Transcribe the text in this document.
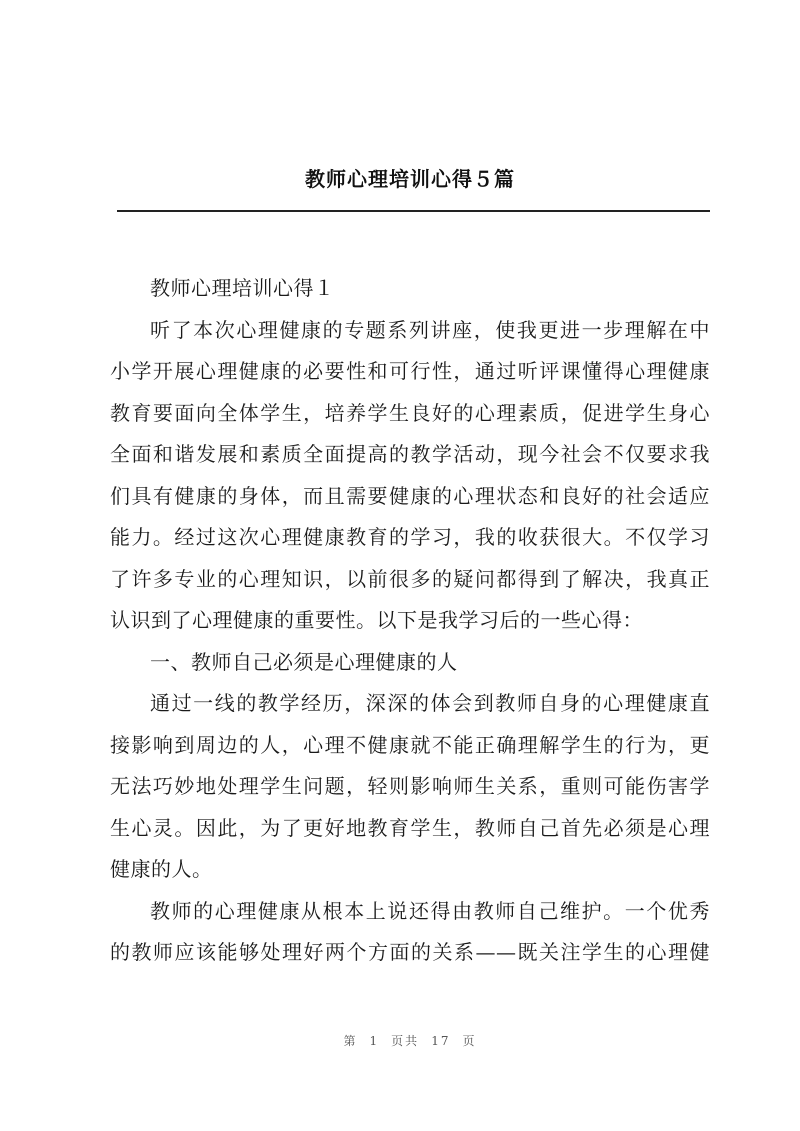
教师心理培训心得５篇
教师心理培训心得１
听了本次心理健康的专题系列讲座，使我更进一步理解在中
小学开展心理健康的必要性和可行性，通过听评课懂得心理健康
教育要面向全体学生，培养学生良好的心理素质，促进学生身心
全面和谐发展和素质全面提高的教学活动，现今社会不仅要求我
们具有健康的身体，而且需要健康的心理状态和良好的社会适应
能力。经过这次心理健康教育的学习，我的收获很大。不仅学习
了许多专业的心理知识，以前很多的疑问都得到了解决，我真正
认识到了心理健康的重要性。以下是我学习后的一些心得：
一、教师自己必须是心理健康的人
通过一线的教学经历，深深的体会到教师自身的心理健康直
接影响到周边的人，心理不健康就不能正确理解学生的行为，更
无法巧妙地处理学生问题，轻则影响师生关系，重则可能伤害学
生心灵。因此，为了更好地教育学生，教师自己首先必须是心理
健康的人。
教师的心理健康从根本上说还得由教师自己维护。一个优秀
的教师应该能够处理好两个方面的关系——既关注学生的心理健
第 1 页共 17 页
